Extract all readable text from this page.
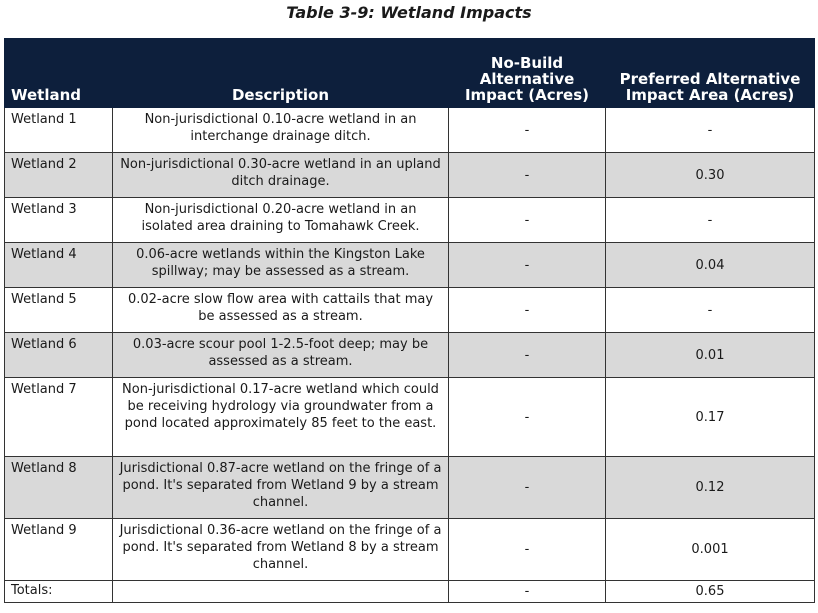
Table 3-9: Wetland Impacts
Wetland	Description	No-Build Alternative Impact (Acres)	Preferred Alternative Impact Area (Acres)
Wetland 1	Non-jurisdictional 0.10-acre wetland in an interchange drainage ditch.	-	-
Wetland 2	Non-jurisdictional 0.30-acre wetland in an upland ditch drainage.	-	0.30
Wetland 3	Non-jurisdictional 0.20-acre wetland in an isolated area draining to Tomahawk Creek.	-	-
Wetland 4	0.06-acre wetlands within the Kingston Lake spillway; may be assessed as a stream.	-	0.04
Wetland 5	0.02-acre slow flow area with cattails that may be assessed as a stream.	-	-
Wetland 6	0.03-acre scour pool 1-2.5-foot deep; may be assessed as a stream.	-	0.01
Wetland 7	Non-jurisdictional 0.17-acre wetland which could be receiving hydrology via groundwater from a pond located approximately 85 feet to the east.	-	0.17
Wetland 8	Jurisdictional 0.87-acre wetland on the fringe of a pond. It's separated from Wetland 9 by a stream channel.	-	0.12
Wetland 9	Jurisdictional 0.36-acre wetland on the fringe of a pond. It's separated from Wetland 8 by a stream channel.	-	0.001
Totals:		-	0.65
